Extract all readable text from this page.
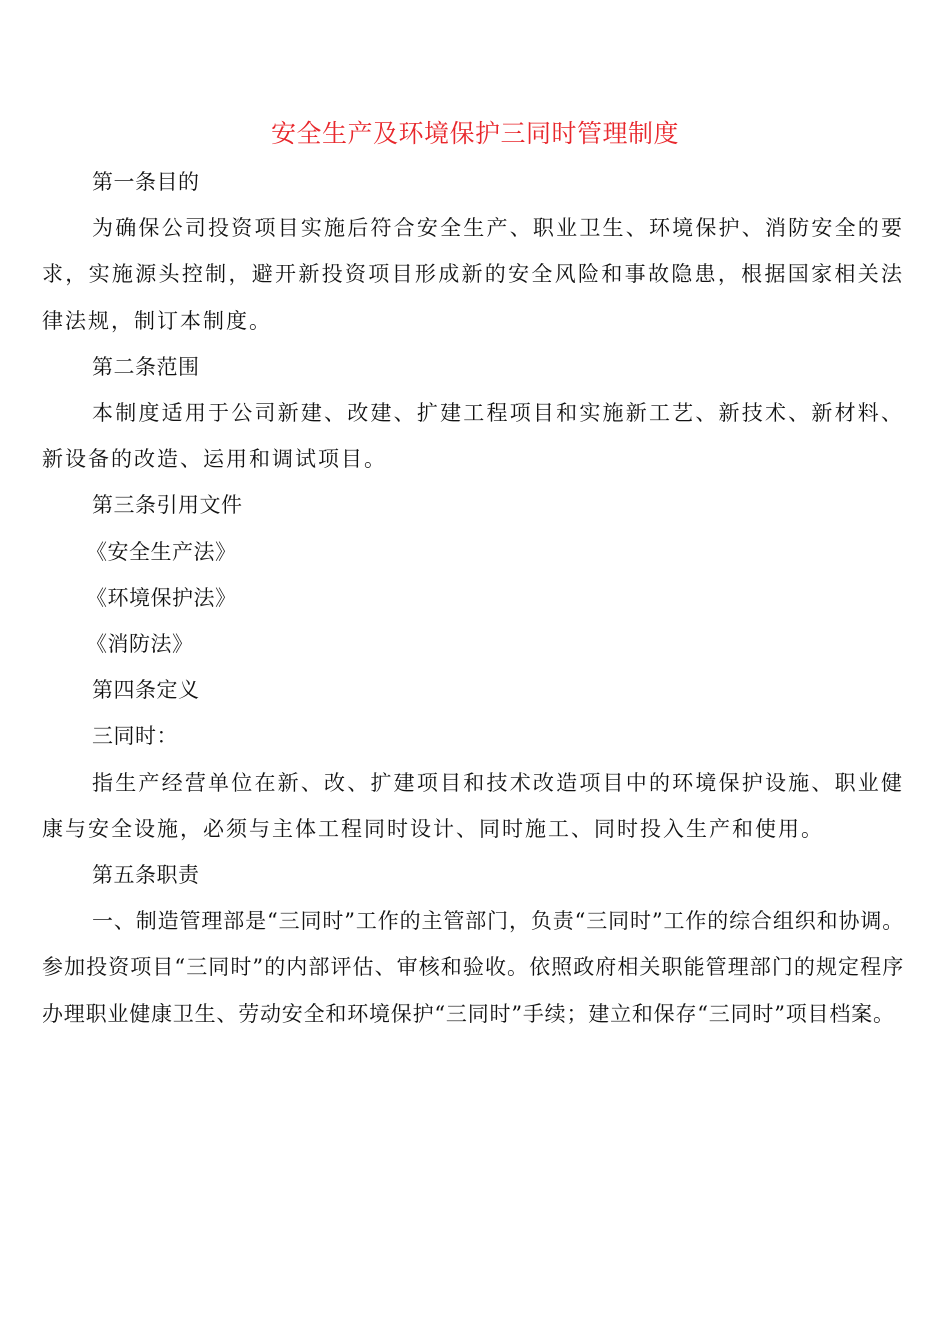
安全生产及环境保护三同时管理制度

第一条目的

为确保公司投资项目实施后符合安全生产、职业卫生、环境保护、消防安全的要求，实施源头控制，避开新投资项目形成新的安全风险和事故隐患，根据国家相关法律法规，制订本制度。

第二条范围

本制度适用于公司新建、改建、扩建工程项目和实施新工艺、新技术、新材料、新设备的改造、运用和调试项目。

第三条引用文件

《安全生产法》

《环境保护法》

《消防法》

第四条定义

三同时：

指生产经营单位在新、改、扩建项目和技术改造项目中的环境保护设施、职业健康与安全设施，必须与主体工程同时设计、同时施工、同时投入生产和使用。

第五条职责

一、制造管理部是“三同时”工作的主管部门，负责“三同时”工作的综合组织和协调。参加投资项目“三同时”的内部评估、审核和验收。依照政府相关职能管理部门的规定程序办理职业健康卫生、劳动安全和环境保护“三同时”手续；建立和保存“三同时”项目档案。
